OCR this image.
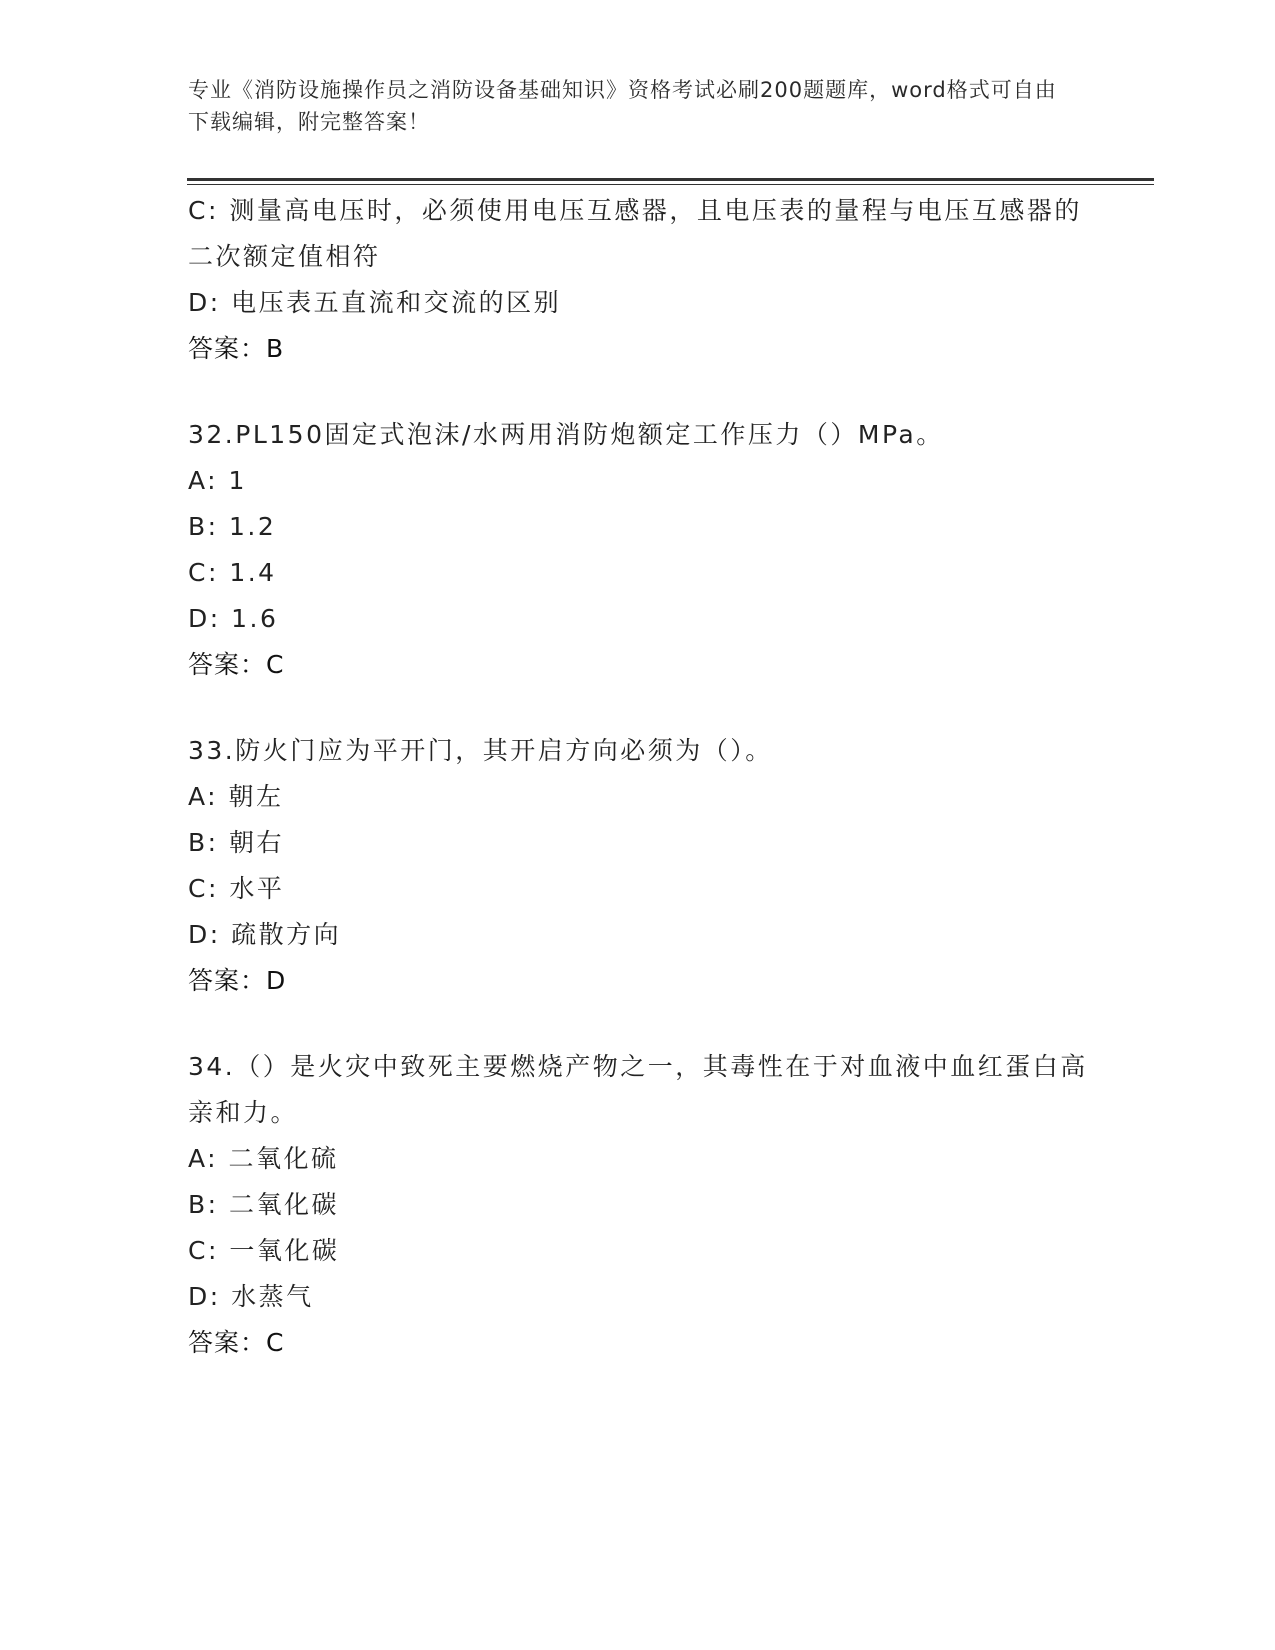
专业《消防设施操作员之消防设备基础知识》资格考试必刷200题题库，word格式可自由下载编辑，附完整答案！
C: 测量高电压时，必须使用电压互感器，且电压表的量程与电压互感器的二次额定值相符
D: 电压表五直流和交流的区别
答案：B
32.PL150固定式泡沫/水两用消防炮额定工作压力（）MPa。
A: 1
B: 1.2
C: 1.4
D: 1.6
答案：C
33.防火门应为平开门，其开启方向必须为（）。
A: 朝左
B: 朝右
C: 水平
D: 疏散方向
答案：D
34.（）是火灾中致死主要燃烧产物之一，其毒性在于对血液中血红蛋白高亲和力。
A: 二氧化硫
B: 二氧化碳
C: 一氧化碳
D: 水蒸气
答案：C
